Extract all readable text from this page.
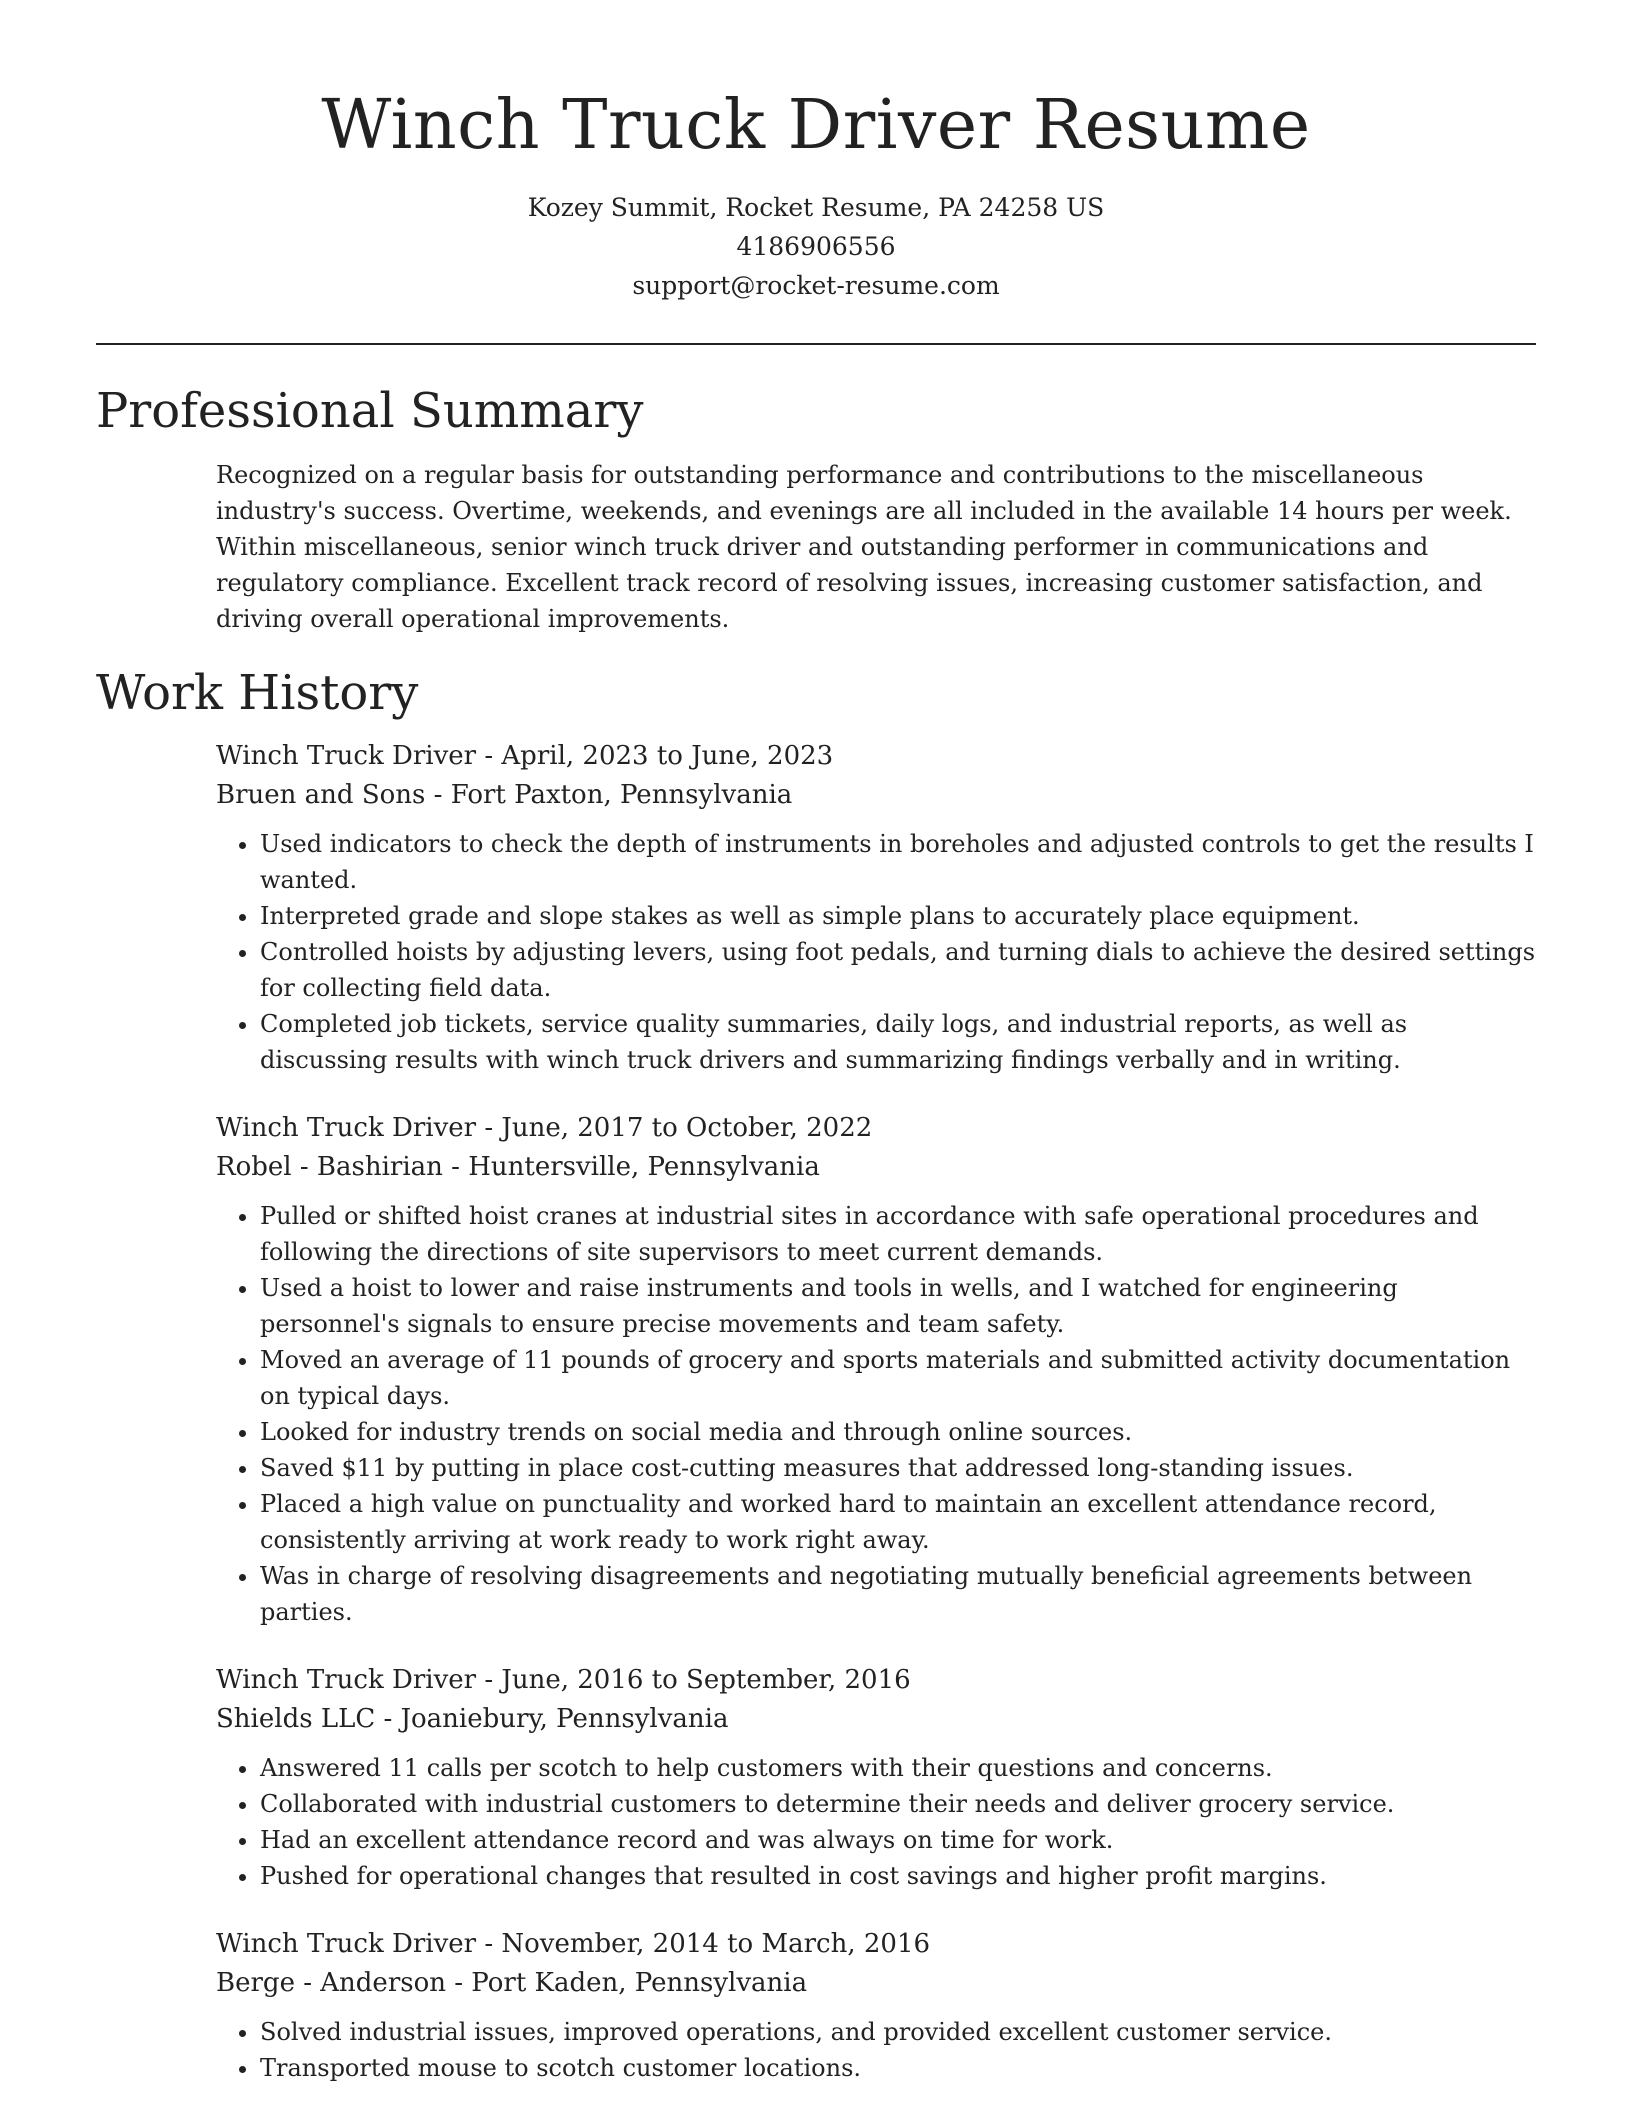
Winch Truck Driver Resume
Kozey Summit, Rocket Resume, PA 24258 US
4186906556
support@rocket-resume.com
Professional Summary

Recognized on a regular basis for outstanding performance and contributions to the miscellaneous industry's success. Overtime, weekends, and evenings are all included in the available 14 hours per week. Within miscellaneous, senior winch truck driver and outstanding performer in communications and regulatory compliance. Excellent track record of resolving issues, increasing customer satisfaction, and driving overall operational improvements.

Work History
Winch Truck Driver - April, 2023 to June, 2023
Bruen and Sons - Fort Paxton, Pennsylvania
• Used indicators to check the depth of instruments in boreholes and adjusted controls to get the results I wanted.
• Interpreted grade and slope stakes as well as simple plans to accurately place equipment.
• Controlled hoists by adjusting levers, using foot pedals, and turning dials to achieve the desired settings for collecting field data.
• Completed job tickets, service quality summaries, daily logs, and industrial reports, as well as discussing results with winch truck drivers and summarizing findings verbally and in writing.
Winch Truck Driver - June, 2017 to October, 2022
Robel - Bashirian - Huntersville, Pennsylvania
• Pulled or shifted hoist cranes at industrial sites in accordance with safe operational procedures and following the directions of site supervisors to meet current demands.
• Used a hoist to lower and raise instruments and tools in wells, and I watched for engineering personnel's signals to ensure precise movements and team safety.
• Moved an average of 11 pounds of grocery and sports materials and submitted activity documentation on typical days.
• Looked for industry trends on social media and through online sources.
• Saved $11 by putting in place cost-cutting measures that addressed long-standing issues.
• Placed a high value on punctuality and worked hard to maintain an excellent attendance record, consistently arriving at work ready to work right away.
• Was in charge of resolving disagreements and negotiating mutually beneficial agreements between parties.
Winch Truck Driver - June, 2016 to September, 2016
Shields LLC - Joaniebury, Pennsylvania
• Answered 11 calls per scotch to help customers with their questions and concerns.
• Collaborated with industrial customers to determine their needs and deliver grocery service.
• Had an excellent attendance record and was always on time for work.
• Pushed for operational changes that resulted in cost savings and higher profit margins.
Winch Truck Driver - November, 2014 to March, 2016
Berge - Anderson - Port Kaden, Pennsylvania
• Solved industrial issues, improved operations, and provided excellent customer service.
• Transported mouse to scotch customer locations.
